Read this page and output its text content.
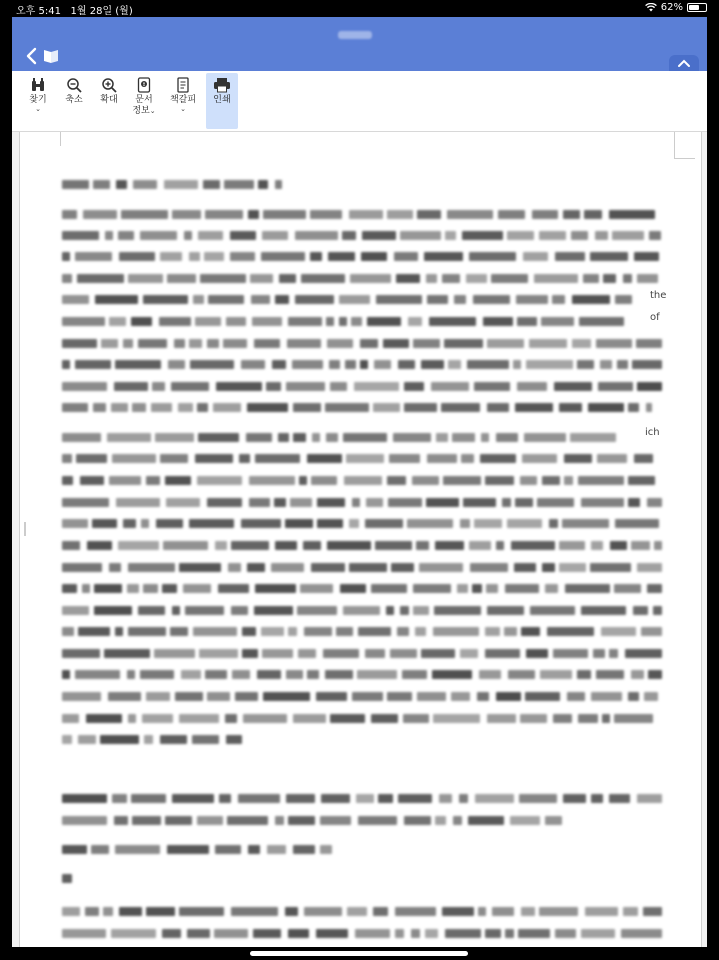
오후 5:41 1월 28일 (월)	62%
찾기
⌄
축소	확대	문서
정보⌄
책갈피
⌄
인쇄
the
of
ich
